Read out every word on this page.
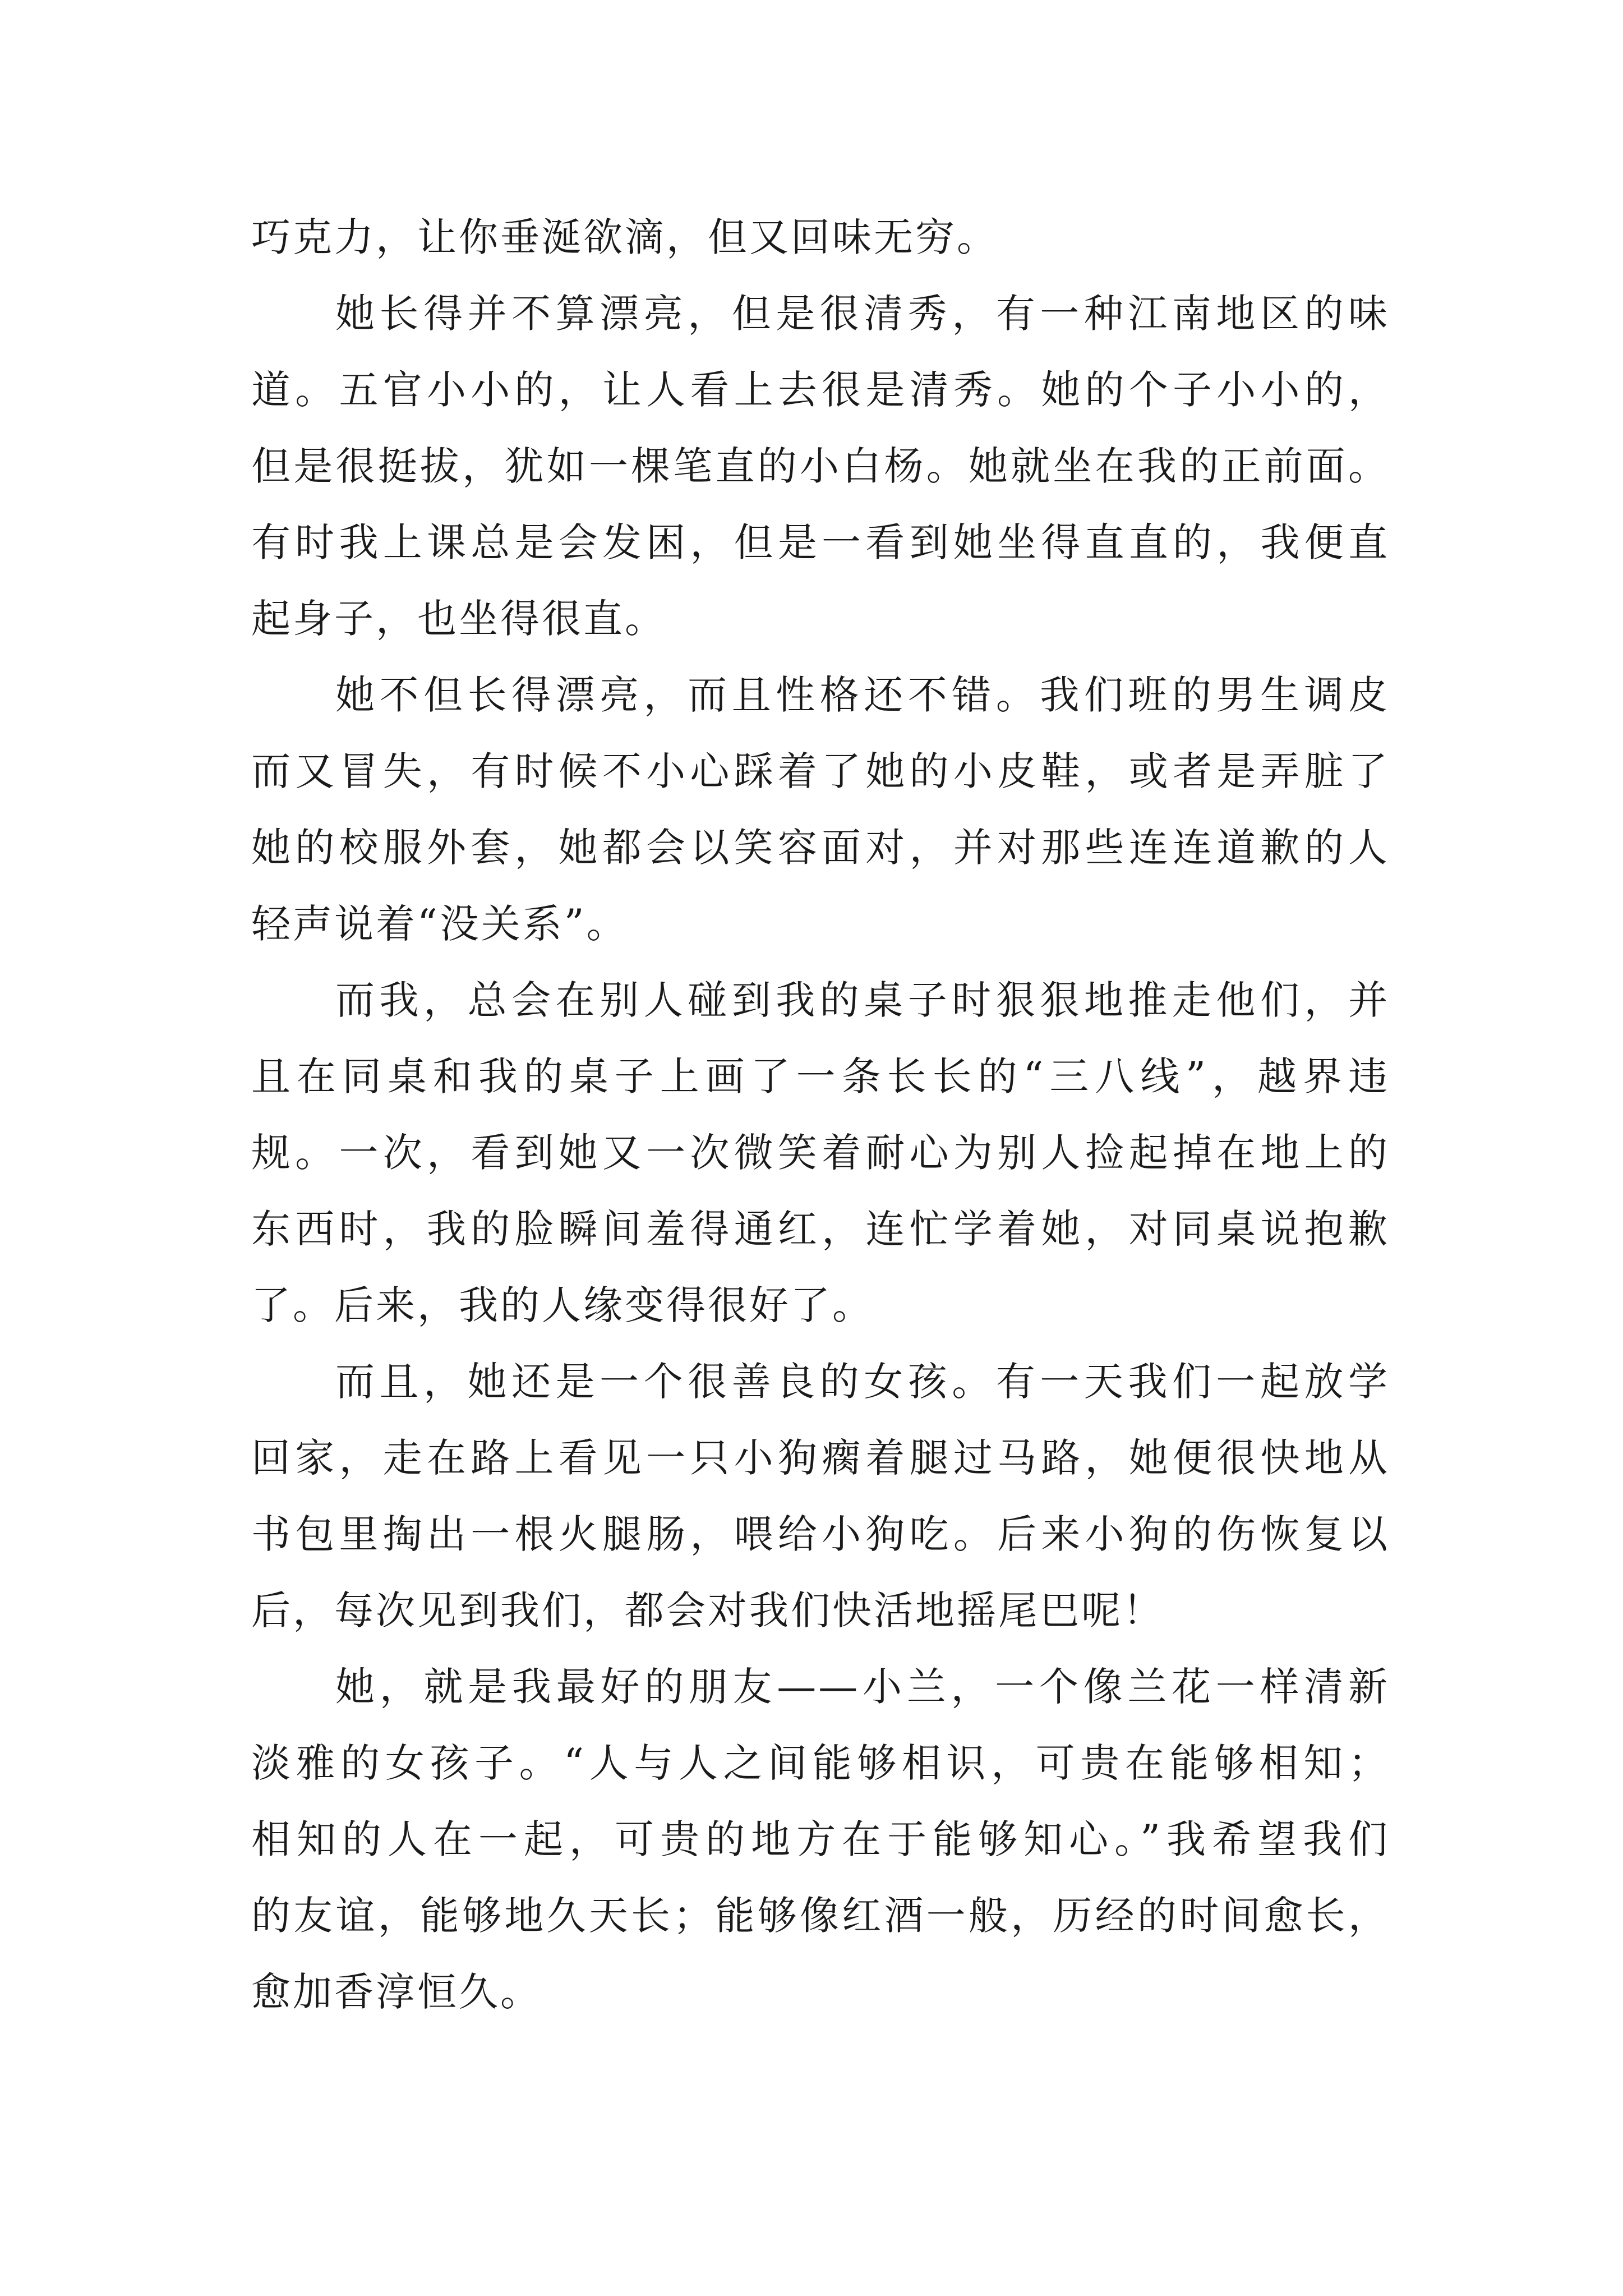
巧克力，让你垂涎欲滴，但又回味无穷。
她长得并不算漂亮，但是很清秀，有一种江南地区的味
道。五官小小的，让人看上去很是清秀。她的个子小小的，
但是很挺拔，犹如一棵笔直的小白杨。她就坐在我的正前面。
有时我上课总是会发困，但是一看到她坐得直直的，我便直
起身子，也坐得很直。
她不但长得漂亮，而且性格还不错。我们班的男生调皮
而又冒失，有时候不小心踩着了她的小皮鞋，或者是弄脏了
她的校服外套，她都会以笑容面对，并对那些连连道歉的人
轻声说着“没关系”。
而我，总会在别人碰到我的桌子时狠狠地推走他们，并
且在同桌和我的桌子上画了一条长长的“三八线”，越界违
规。一次，看到她又一次微笑着耐心为别人捡起掉在地上的
东西时，我的脸瞬间羞得通红，连忙学着她，对同桌说抱歉
了。后来，我的人缘变得很好了。
而且，她还是一个很善良的女孩。有一天我们一起放学
回家，走在路上看见一只小狗瘸着腿过马路，她便很快地从
书包里掏出一根火腿肠，喂给小狗吃。后来小狗的伤恢复以
后，每次见到我们，都会对我们快活地摇尾巴呢！
她，就是我最好的朋友——小兰，一个像兰花一样清新
淡雅的女孩子。“人与人之间能够相识，可贵在能够相知；
相知的人在一起，可贵的地方在于能够知心。”我希望我们
的友谊，能够地久天长；能够像红酒一般，历经的时间愈长，
愈加香淳恒久。
